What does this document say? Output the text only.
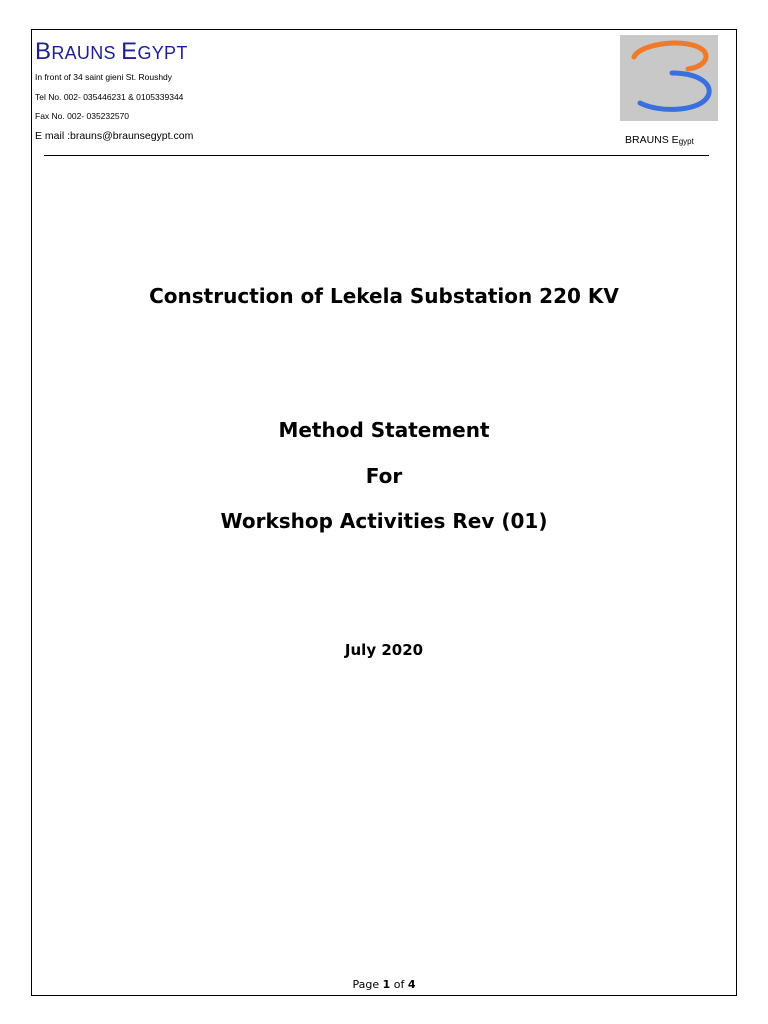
BRAUNS EGYPT
In front of 34 saint gieni St. Roushdy
Tel No. 002- 035446231 & 0105339344
Fax No. 002- 035232570
E mail :brauns@braunsegypt.com	BRAUNS Egypt
Construction of Lekela Substation 220 KV
Method Statement
For
Workshop Activities Rev (01)
July 2020
Page 1 of 4
